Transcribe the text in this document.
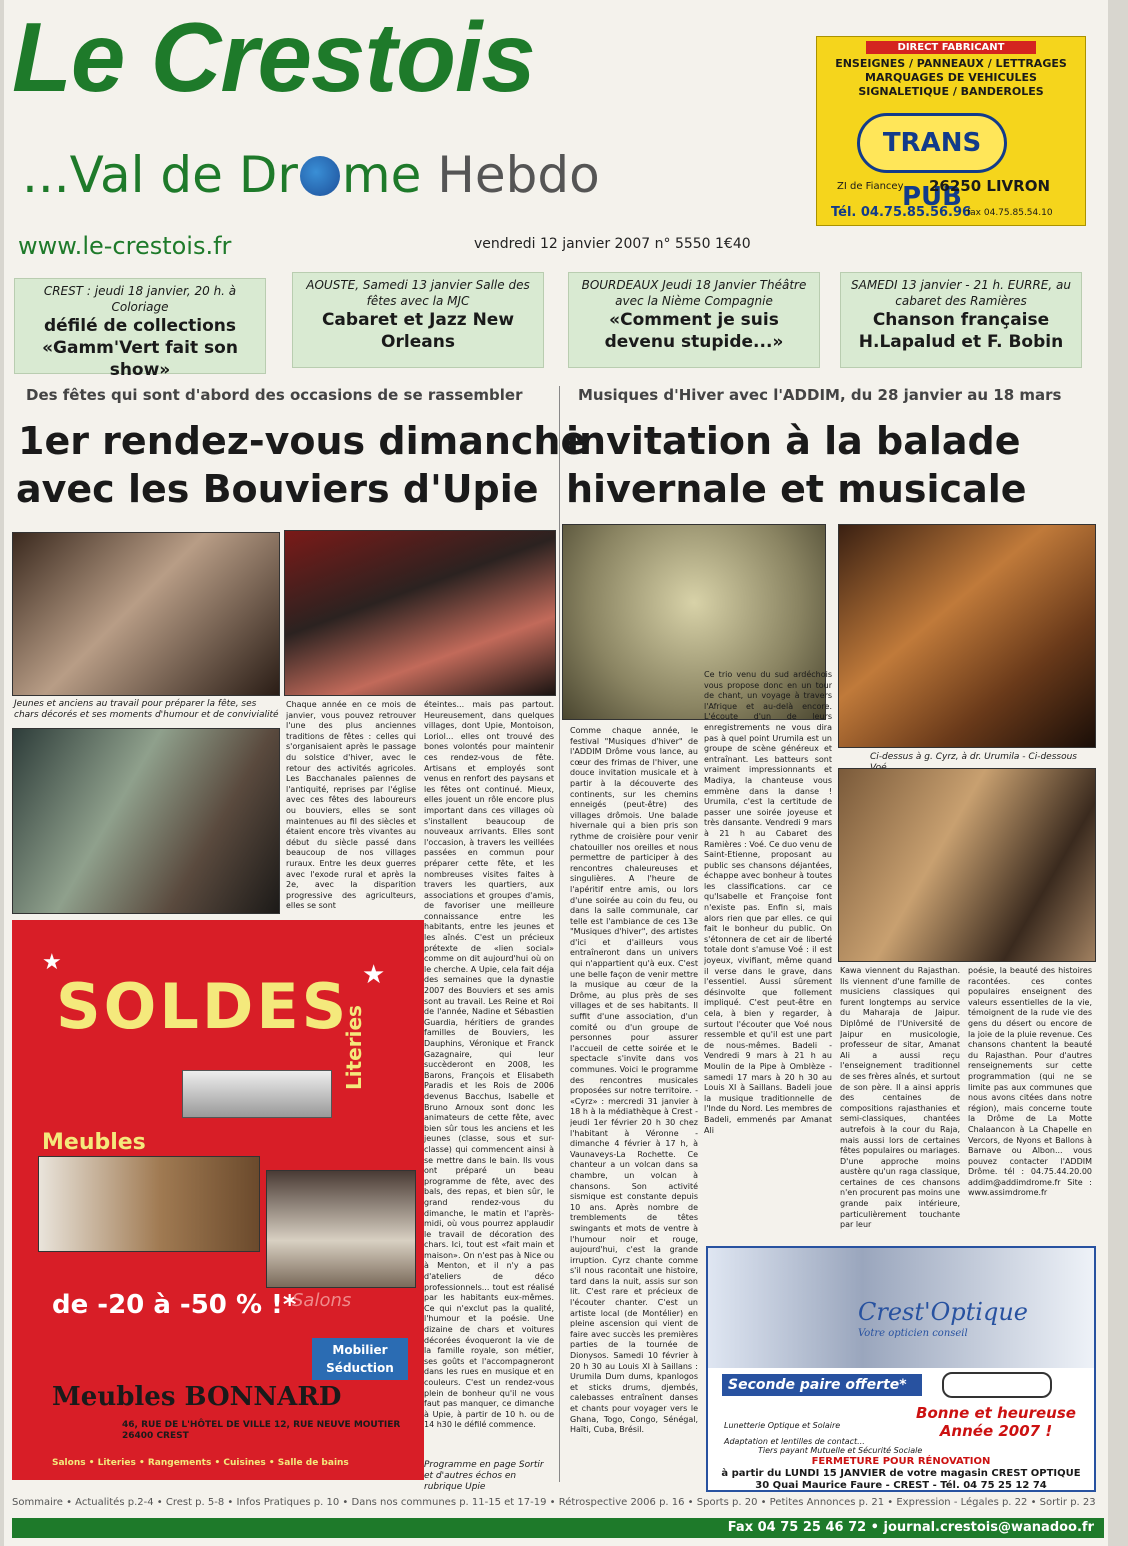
Le Crestois
...Val de Dr me Hebdo
www.le-crestois.fr	vendredi 12 janvier 2007 n° 5550 1€40
DIRECT FABRICANT
ENSEIGNES / PANNEAUX / LETTRAGES
MARQUAGES DE VEHICULES
SIGNALETIQUE / BANDEROLES
TRANS PUB
ZI de Fiancey 26250 LIVRON
Tél. 04.75.85.56.96
fax 04.75.85.54.10
CREST : jeudi 18 janvier, 20 h. à Coloriage
défilé de collections «Gamm'Vert fait son show»
AOUSTE, Samedi 13 janvier Salle des fêtes avec la MJC
Cabaret et Jazz New Orleans
BOURDEAUX Jeudi 18 Janvier Théâtre avec la Nième Compagnie
«Comment je suis devenu stupide...»
SAMEDI 13 janvier - 21 h. EURRE, au cabaret des Ramières
Chanson française H.Lapalud et F. Bobin
Des fêtes qui sont d'abord des occasions de se rassembler
1er rendez-vous dimanche
avec les Bouviers d'Upie
Jeunes et anciens au travail pour préparer la fête, ses chars décorés et ses moments d'humour et de convivialité
Chaque année en ce mois de janvier, vous pouvez retrouver l'une des plus anciennes traditions de fêtes : celles qui s'organisaient après le passage du solstice d'hiver, avec le retour des activités agricoles. Les Bacchanales païennes de l'antiquité, reprises par l'église avec ces fêtes des laboureurs ou bouviers, elles se sont maintenues au fil des siècles et étaient encore très vivantes au début du siècle passé dans beaucoup de nos villages ruraux. Entre les deux guerres avec l'exode rural et après la 2e, avec la disparition progressive des agriculteurs, elles se sont
éteintes... mais pas partout. Heureusement, dans quelques villages, dont Upie, Montoison, Loriol... elles ont trouvé des bones volontés pour maintenir ces rendez-vous de fête. Artisans et employés sont venus en renfort des paysans et les fêtes ont continué. Mieux, elles jouent un rôle encore plus important dans ces villages où s'installent beaucoup de nouveaux arrivants. Elles sont l'occasion, à travers les veillées passées en commun pour préparer cette fête, et les nombreuses visites faites à travers les quartiers, aux associations et groupes d'amis, de favoriser une meilleure connaissance entre les habitants, entre les jeunes et les aînés. C'est un précieux prétexte de «lien social» comme on dit aujourd'hui où on le cherche. A Upie, cela fait déja des semaines que la dynastie 2007 des Bouviers et ses amis sont au travail. Les Reine et Roi de l'année, Nadine et Sébastien Guardia, héritiers de grandes familles de Bouviers, les Dauphins, Véronique et Franck Gazagnaire, qui leur succèderont en 2008, les Barons, François et Elisabeth Paradis et les Rois de 2006 devenus Bacchus, Isabelle et Bruno Arnoux sont donc les animateurs de cette fête, avec bien sûr tous les anciens et les jeunes (classe, sous et sur-classe) qui commencent ainsi à se mettre dans le bain. Ils vous ont préparé un beau programme de fête, avec des bals, des repas, et bien sûr, le grand rendez-vous du dimanche, le matin et l'après-midi, où vous pourrez applaudir le travail de décoration des chars. Ici, tout est «fait main et maison». On n'est pas à Nice ou à Menton, et il n'y a pas d'ateliers de déco professionnels... tout est réalisé par les habitants eux-mêmes. Ce qui n'exclut pas la qualité, l'humour et la poésie. Une dizaine de chars et voitures décorées évoqueront la vie de la famille royale, son métier, ses goûts et l'accompagneront dans les rues en musique et en couleurs. C'est un rendez-vous plein de bonheur qu'il ne vous faut pas manquer, ce dimanche à Upie, à partir de 10 h. ou de 14 h30 le défilé commence.
Programme en page Sortir et d'autres échos en rubrique Upie
SOLDES
★	★
Literies
Meubles
de -20 à -50 % !*
Salons
Mobilier Séduction
Meubles BONNARD
46, RUE DE L'HÔTEL DE VILLE 12, RUE NEUVE MOUTIER 26400 CREST
Salons • Literies • Rangements • Cuisines • Salle de bains
Musiques d'Hiver avec l'ADDIM, du 28 janvier au 18 mars
invitation à la balade
hivernale et musicale
Ci-dessus à g. Cyrz, à dr. Urumila - Ci-dessous
Comme chaque année, le festival "Musiques d'hiver" de l'ADDIM Drôme vous lance, au cœur des frimas de l'hiver, une douce invitation musicale et à partir à la découverte des continents, sur les chemins enneigés (peut-être) des villages drômois. Une balade hivernale qui a bien pris son rythme de croisière pour venir chatouiller nos oreilles et nous permettre de participer à des rencontres chaleureuses et singulières. A l'heure de l'apéritif entre amis, ou lors d'une soirée au coin du feu, ou dans la salle communale, car telle est l'ambiance de ces 13e "Musiques d'hiver", des artistes d'ici et d'ailleurs vous entraîneront dans un univers qui n'appartient qu'à eux. C'est une belle façon de venir mettre la musique au cœur de la Drôme, au plus près de ses villages et de ses habitants. Il suffit d'une association, d'un comité ou d'un groupe de personnes pour assurer l'accueil de cette soirée et le spectacle s'invite dans vos communes. Voici le programme des rencontres musicales proposées sur notre territoire. - «Cyrz» : mercredi 31 janvier à 18 h à la médiathèque à Crest - jeudi 1er février 20 h 30 chez l'habitant à Véronne - dimanche 4 février à 17 h, à Vaunaveys-La Rochette. Ce chanteur a un volcan dans sa chambre, un volcan à chansons. Son activité sismique est constante depuis 10 ans. Après nombre de tremblements de têtes swingants et mots de ventre à l'humour noir et rouge, aujourd'hui, c'est la grande irruption. Cyrz chante comme s'il nous racontait une histoire, tard dans la nuit, assis sur son lit. C'est rare et précieux de l'écouter chanter. C'est un artiste local (de Montélier) en pleine ascension qui vient de faire avec succès les premières parties de la tournée de Dionysos. Samedi 10 février à 20 h 30 au Louis XI à Saillans : Urumila Dum dums, kpanlogos et sticks drums, djembés, calebasses entraînent danses et chants pour voyager vers le Ghana, Togo, Congo, Sénégal, Haïti, Cuba, Brésil.
Ce trio venu du sud ardéchois vous propose donc en un tour de chant, un voyage à travers l'Afrique et au-delà encore. L'écoute d'un de leurs enregistrements ne vous dira pas à quel point Urumila est un groupe de scène généreux et entraînant. Les batteurs sont vraiment impressionnants et Madiya, la chanteuse vous emmène dans la danse ! Urumila, c'est la certitude de passer une soirée joyeuse et très dansante. Vendredi 9 mars à 21 h au Cabaret des Ramières : Voé. Ce duo venu de Saint-Etienne, proposant au public ses chansons déjantées, échappe avec bonheur à toutes les classifications. car ce qu'Isabelle et Françoise font n'existe pas. Enfin si, mais alors rien que par elles. ce qui fait le bonheur du public. On s'étonnera de cet air de liberté totale dont s'amuse Voé : il est joyeux, vivifiant, même quand il verse dans le grave, dans l'essentiel. Aussi sûrement désinvolte que follement impliqué. C'est peut-être en cela, à bien y regarder, à surtout l'écouter que Voé nous ressemble et qu'il est une part de nous-mêmes. Badeli - Vendredi 9 mars à 21 h au Moulin de la Pipe à Omblèze - samedi 17 mars à 20 h 30 au Louis XI à Saillans. Badeli joue la musique traditionnelle de l'Inde du Nord. Les membres de Badeli, emmenés par Amanat Ali
Kawa viennent du Rajasthan. Ils viennent d'une famille de musiciens classiques qui furent longtemps au service du Maharaja de Jaipur. Diplômé de l'Université de Jaipur en musicologie, professeur de sitar, Amanat Ali a aussi reçu l'enseignement traditionnel de ses frères aînés, et surtout de son père. Il a ainsi appris des centaines de compositions rajasthanies et semi-classiques, chantées autrefois à la cour du Raja, mais aussi lors de certaines fêtes populaires ou mariages. D'une approche moins austère qu'un raga classique, certaines de ces chansons n'en procurent pas moins une grande paix intérieure, particulièrement touchante par leur
poésie, la beauté des histoires racontées. ces contes populaires enseignent des valeurs essentielles de la vie, témoignent de la rude vie des gens du désert ou encore de la joie de la pluie revenue. Ces chansons chantent la beauté du Rajasthan. Pour d'autres renseignements sur cette programmation (qui ne se limite pas aux communes que nous avons citées dans notre région), mais concerne toute la Drôme de La Motte Chalaancon à La Chapelle en Vercors, de Nyons et Ballons à Barnave ou Albon... vous pouvez contacter l'ADDIM Drôme. tél : 04.75.44.20.00 addim@addimdrome.fr Site : www.assimdrome.fr
Crest'Optique
Votre opticien conseil
Seconde paire offerte*
Bonne et heureuse Année 2007 !
Lunetterie Optique et Solaire
Adaptation et lentilles de contact...
Tiers payant Mutuelle et Sécurité Sociale
FERMETURE POUR RÉNOVATION
à partir du LUNDI 15 JANVIER de votre magasin CREST OPTIQUE
30 Quai Maurice Faure - CREST - Tél. 04 75 25 12 74
Sommaire • Actualités p.2-4 • Crest p. 5-8 • Infos Pratiques p. 10 • Dans nos communes p. 11-15 et 17-19 • Rétrospective 2006 p. 16 • Sports p. 20 • Petites Annonces p. 21 • Expression - Légales p. 22 • Sortir p. 23
Fax 04 75 25 46 72 • journal.crestois@wanadoo.fr
